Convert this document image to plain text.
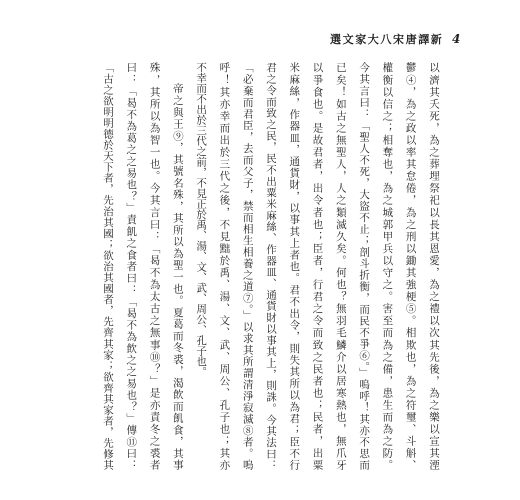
選文家大八宋唐譯新 4
以濟其夭死，為之葬埋祭祀以長其恩愛，為之禮以次其先後，為之樂以宣其湮
鬱④，為之政以率其怠倦，為之刑以鋤其強梗⑤。相欺也，為之符璽、斗斛、
權衡以信之；相奪也，為之城郭甲兵以守之。害至而為之備，患生而為之防。
今其言曰：「聖人不死，大盜不止；剖斗折衡，而民不爭⑥。」嗚呼！其亦不思而
已矣！如古之無聖人，人之類滅久矣。何也？無羽毛鱗介以居寒熱也，無爪牙
以爭食也。是故君者，出令者也；臣者，行君之令而致之民者也；民者，出粟
米麻絲，作器皿，通貨財，以事其上者也。君不出令，則失其所以為君；臣不行
君之令而致之民，民不出粟米麻絲、作器皿、通貨財以事其上，則誅。今其法曰：
「必棄而君臣，去而父子，禁而相生相養之道⑦。」以求其所謂清淨寂滅⑧者。嗚
呼！其亦幸而出於三代之後，不見黜於禹、湯、文、武、周公、孔子也；其亦
不幸而不出於三代之前，不見正於禹、湯、文、武、周公、孔子也。
帝之與王⑨，其號名殊，其所以為聖一也。夏葛而冬裘，渴飲而飢食，其事
殊，其所以為智一也。今其言曰：「曷不為太古之無事⑩？」是亦責冬之裘者
曰：「曷不為葛之之易也？」責飢之食者曰：「曷不為飲之之易也？」傳⑪曰：
「古之欲明明德於天下者，先治其國；欲治其國者，先齊其家；欲齊其家者，先修其
